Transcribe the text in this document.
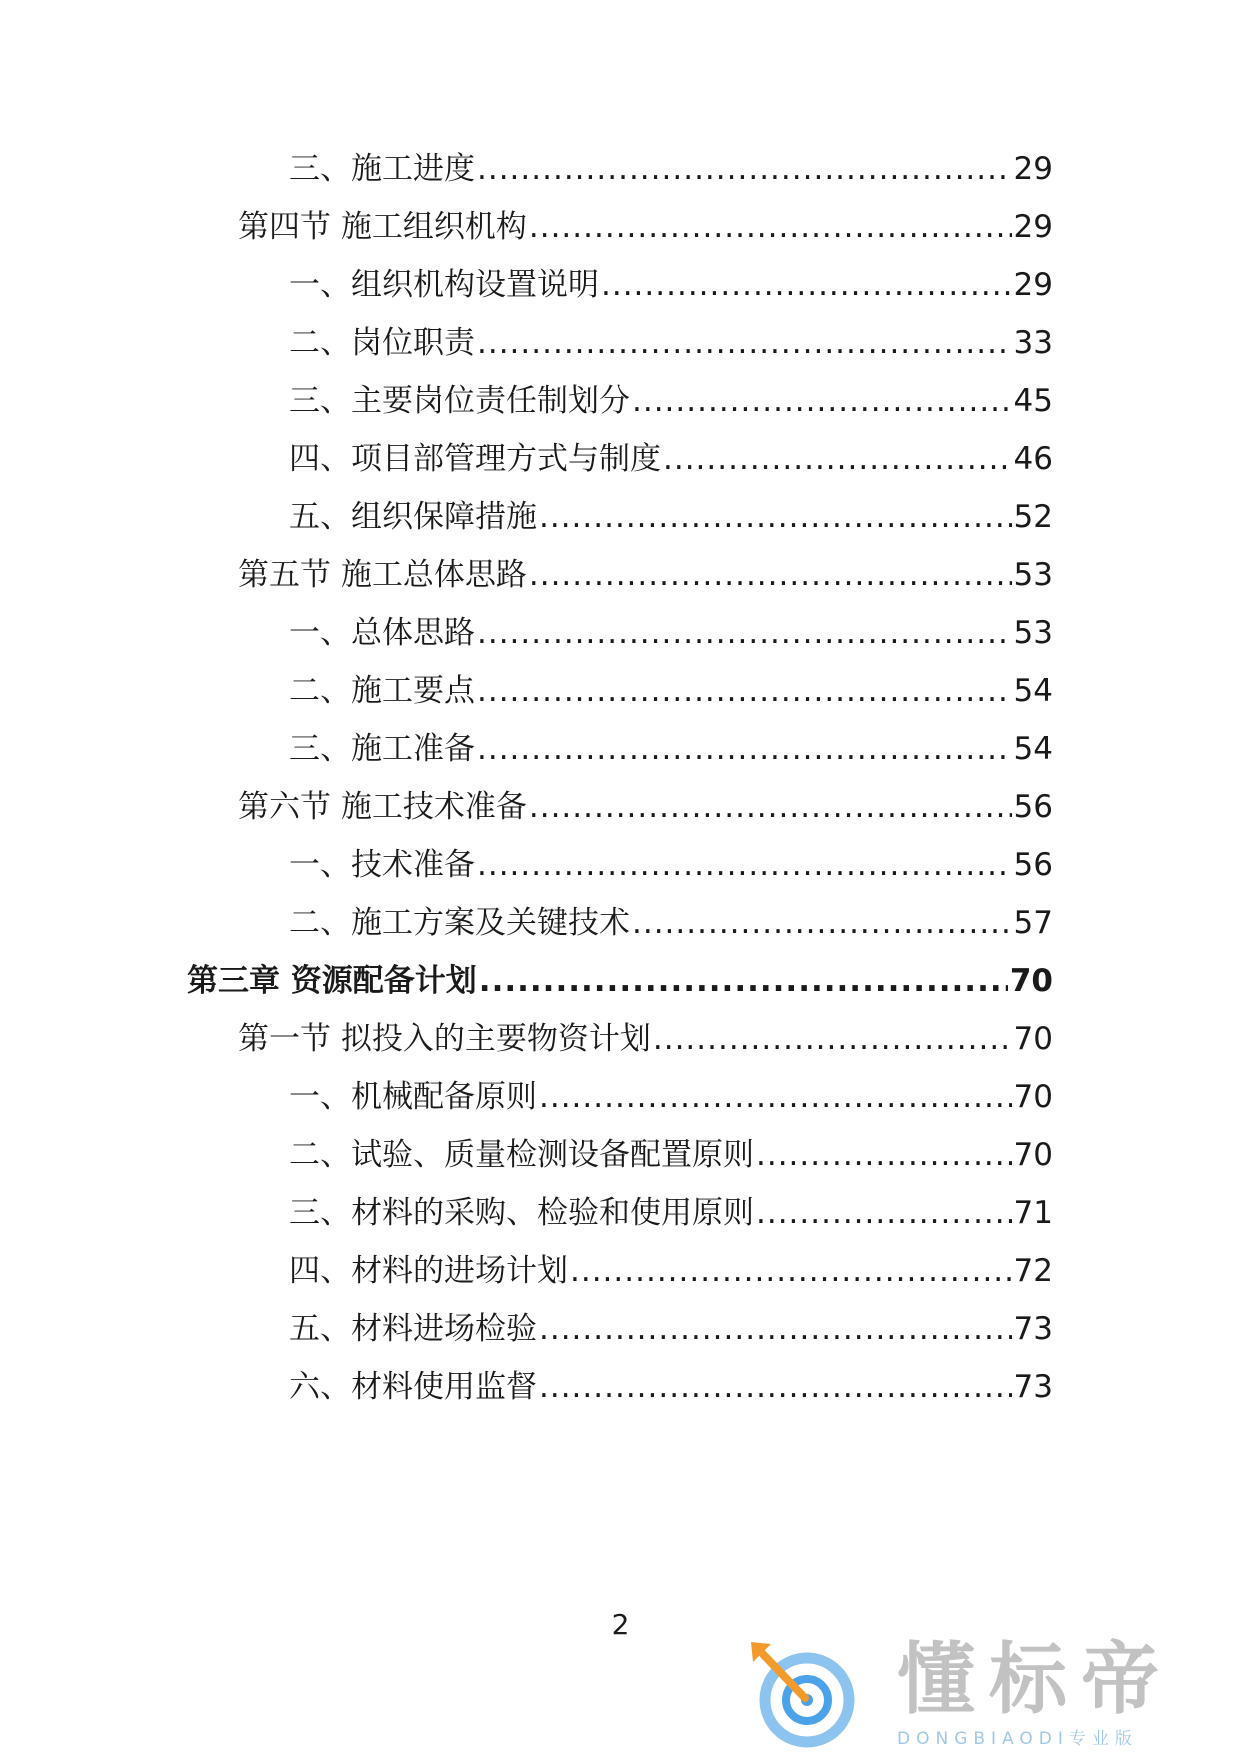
三、施工进度 .....	29
第四节 施工组织机构 .....	29
一、组织机构设置说明 .....	29
二、岗位职责 .....	33
三、主要岗位责任制划分 .....	45
四、项目部管理方式与制度 .....	46
五、组织保障措施 .....	52
第五节 施工总体思路 .....	53
一、总体思路 .....	53
二、施工要点 .....	54
三、施工准备 .....	54
第六节 施工技术准备 .....	56
一、技术准备 .....	56
二、施工方案及关键技术 .....	57
第三章 资源配备计划 .....	70
第一节 拟投入的主要物资计划 .....	70
一、机械配备原则 .....	70
二、试验、质量检测设备配置原则 .....	70
三、材料的采购、检验和使用原则 .....	71
四、材料的进场计划 .....	72
五、材料进场检验 .....	73
六、材料使用监督 .....	73
2
懂标帝
DONGBIAODI专业版
